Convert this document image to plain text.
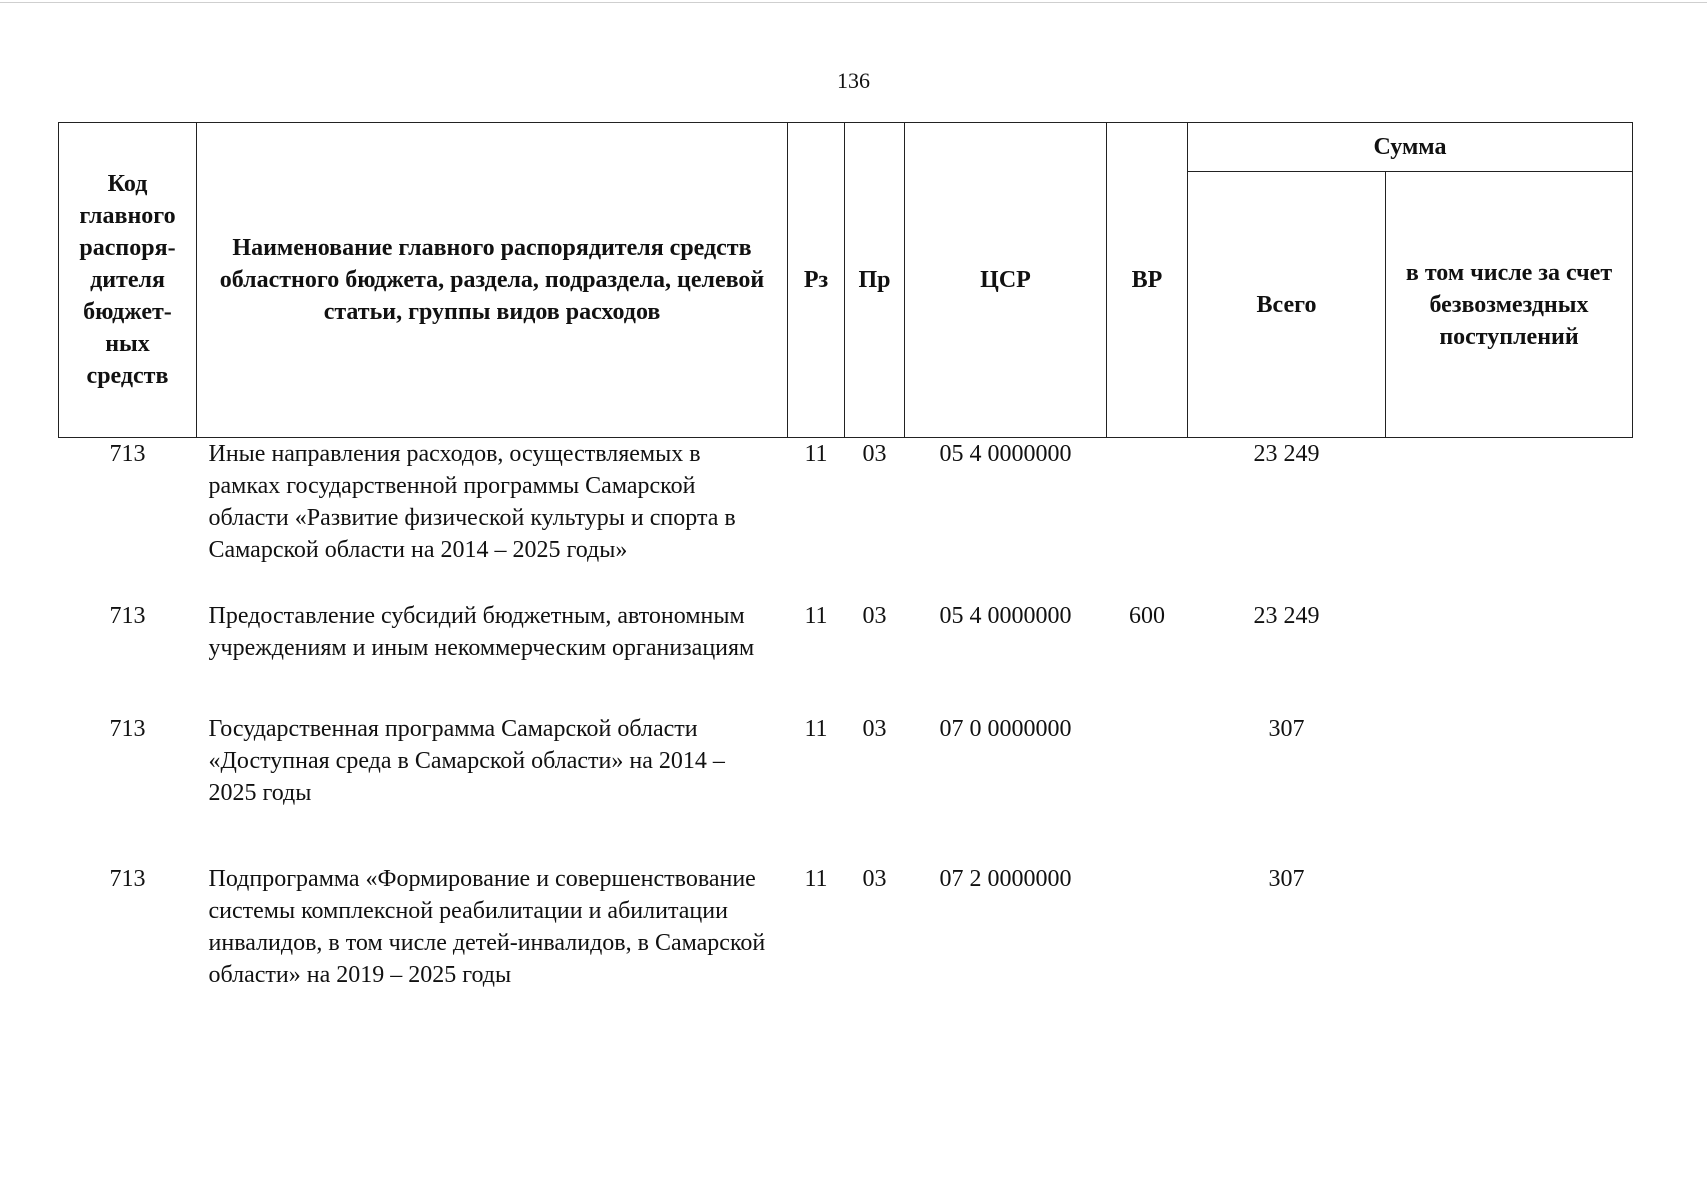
136
Код главного распоря-дителя бюджет-ных средств	Наименование главного распорядителя средств областного бюджета, раздела, подраздела, целевой статьи, группы видов расходов	Рз	Пр	ЦСР	ВР	Сумма	
						Всего	в том числе за счет безвозмездных поступлений
713	Иные направления расходов, осуществляемых в рамках государственной программы Самарской области «Развитие физической культуры и спорта в Самарской области на 2014 – 2025 годы»	11	03	05 4 0000000		23 249	
713	Предоставление субсидий бюджетным, автономным учреждениям и иным некоммерческим организациям	11	03	05 4 0000000	600	23 249	
713	Государственная программа Самарской области «Доступная среда в Самарской области» на 2014 – 2025 годы	11	03	07 0 0000000		307	
713	Подпрограмма «Формирование и совершенствование системы комплексной реабилитации и абилитации инвалидов, в том числе детей-инвалидов, в Самарской области» на 2019 – 2025 годы	11	03	07 2 0000000		307	
